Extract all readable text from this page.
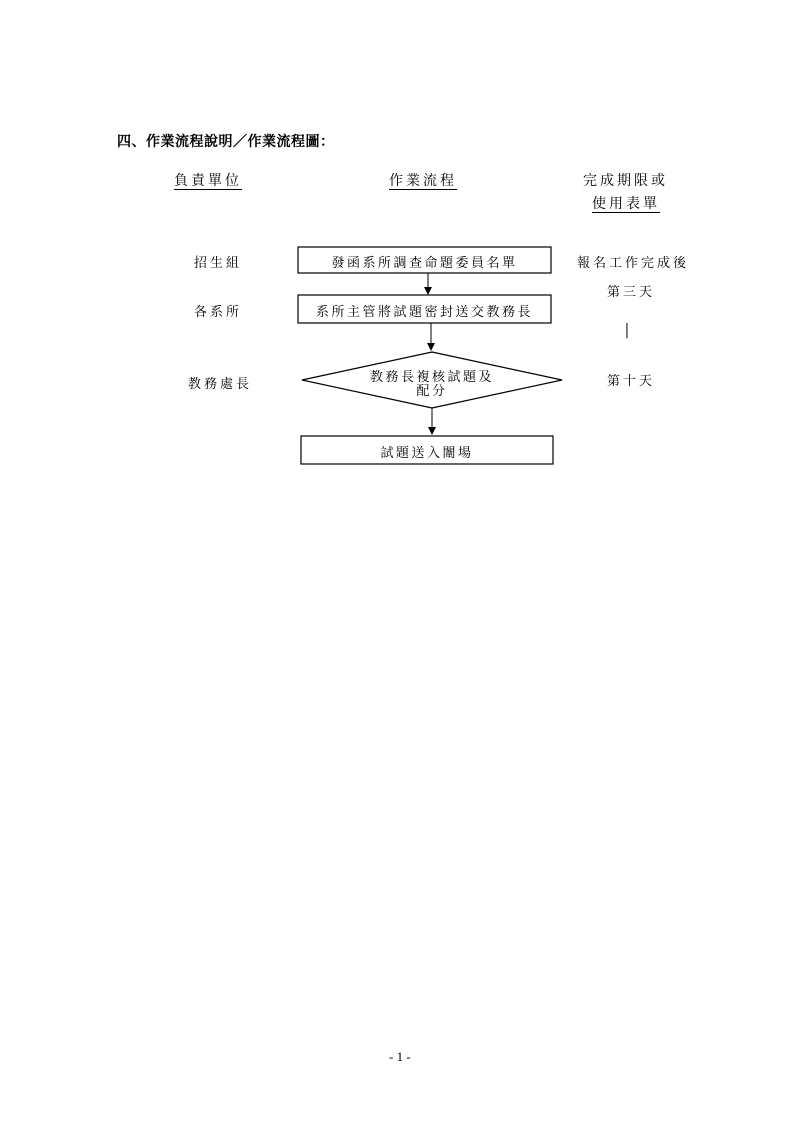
四、作業流程說明／作業流程圖：
負責單位	作業流程	完成期限或
使用表單
招生組
各系所
教務處長
發函系所調查命題委員名單
系所主管將試題密封送交教務長
教務長複核試題及
配分
試題送入闈場
報名工作完成後
第三天
│
第十天
- 1 -
